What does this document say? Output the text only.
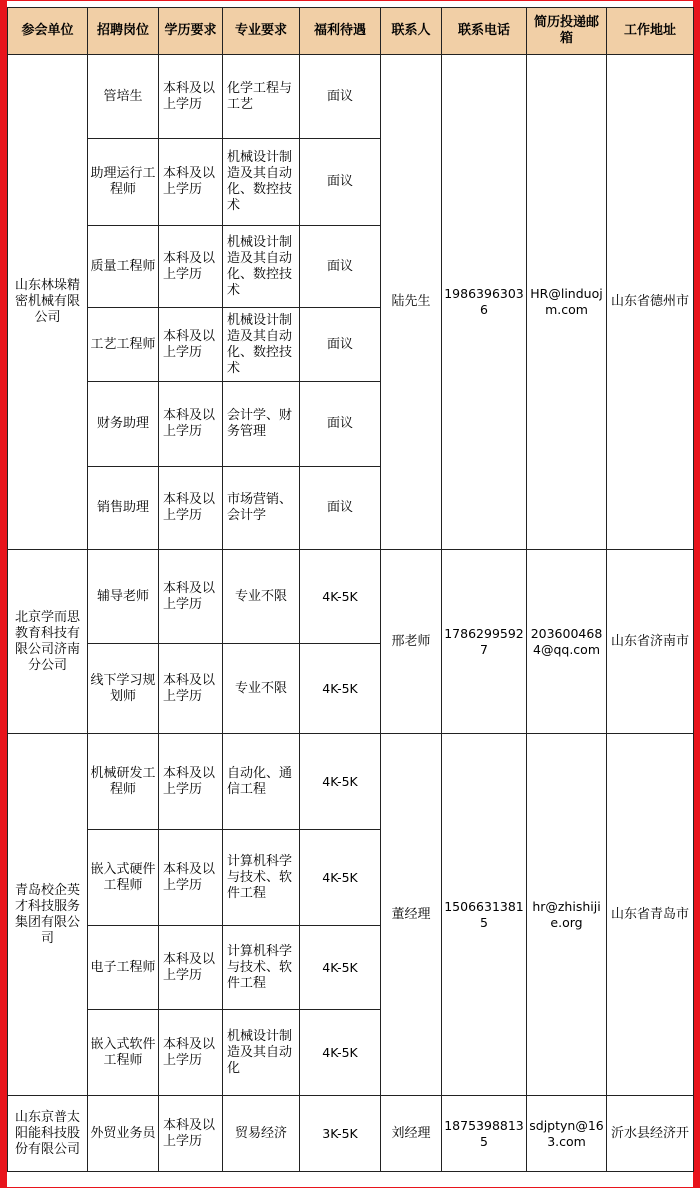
参会单位	招聘岗位	学历要求	专业要求	福利待遇	联系人	联系电话	简历投递邮箱	工作地址
山东林垛精密机械有限公司	管培生	本科及以上学历	化学工程与工艺	面议	陆先生	19863963036	HR@linduojm.com	山东省德州市
	助理运行工程师	本科及以上学历	机械设计制造及其自动化、数控技术	面议				
	质量工程师	本科及以上学历	机械设计制造及其自动化、数控技术	面议				
	工艺工程师	本科及以上学历	机械设计制造及其自动化、数控技术	面议				
	财务助理	本科及以上学历	会计学、财务管理	面议				
	销售助理	本科及以上学历	市场营销、会计学	面议				
北京学而思教育科技有限公司济南分公司	辅导老师	本科及以上学历	专业不限	4K-5K	邢老师	17862995927	2036004684@qq.com	山东省济南市
	线下学习规划师	本科及以上学历	专业不限	4K-5K				
青岛校企英才科技服务集团有限公司	机械研发工程师	本科及以上学历	自动化、通信工程	4K-5K	董经理	15066313815	hr@zhishijie.org	山东省青岛市
	嵌入式硬件工程师	本科及以上学历	计算机科学与技术、软件工程	4K-5K				
	电子工程师	本科及以上学历	计算机科学与技术、软件工程	4K-5K				
	嵌入式软件工程师	本科及以上学历	机械设计制造及其自动化	4K-5K				
山东京普太阳能科技股份有限公司	外贸业务员	本科及以上学历	贸易经济	3K-5K	刘经理	18753988135	sdjptyn@163.com	沂水县经济开
